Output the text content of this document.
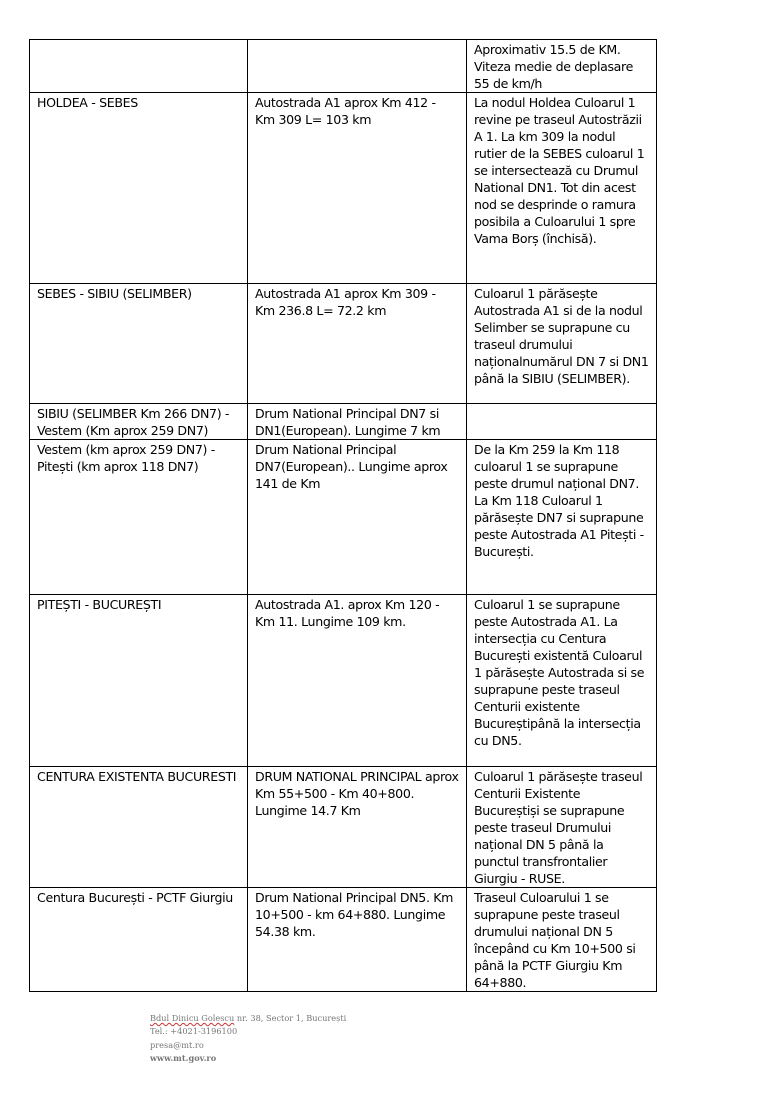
		Aproximativ 15.5 de KM.
Viteza medie de deplasare 55 de km/h
HOLDEA - SEBES	Autostrada A1 aprox Km 412 - Km 309 L= 103 km	La nodul Holdea Culoarul 1 revine pe traseul Autostrăzii A 1. La km 309 la nodul rutier de la SEBES culoarul 1 se intersectează cu Drumul National DN1. Tot din acest nod se desprinde o ramura posibila a Culoarului 1 spre Vama Borș (închisă).
SEBES - SIBIU (SELIMBER)	Autostrada A1 aprox Km 309 - Km 236.8 L= 72.2 km	Culoarul 1 părăsește Autostrada A1 si de la nodul Selimber se suprapune cu traseul drumului naționalnumărul DN 7 si DN1 până la SIBIU (SELIMBER).
SIBIU (SELIMBER Km 266 DN7) - Vestem (Km aprox 259 DN7)	Drum National Principal DN7 si DN1(European). Lungime 7 km	
Vestem (km aprox 259 DN7) - Pitești (km aprox 118 DN7)	Drum National Principal DN7(European).. Lungime aprox 141 de Km	De la Km 259 la Km 118 culoarul 1 se suprapune peste drumul național DN7.
La Km 118 Culoarul 1 părăsește DN7 si suprapune peste Autostrada A1 Pitești - București.
PITEȘTI - BUCUREȘTI	Autostrada A1. aprox Km 120 - Km 11. Lungime 109 km.	Culoarul 1 se suprapune peste Autostrada A1. La intersecția cu Centura București existentă Culoarul 1 părăsește Autostrada si se suprapune peste traseul Centurii existente Bucureștipână la intersecția cu DN5.
CENTURA EXISTENTA BUCURESTI	DRUM NATIONAL PRINCIPAL aprox Km 55+500 - Km 40+800. Lungime 14.7 Km	Culoarul 1 părăsește traseul Centurii Existente Bucureștiși se suprapune peste traseul Drumului național DN 5 până la punctul transfrontalier Giurgiu - RUSE.
Centura București - PCTF Giurgiu	Drum National Principal DN5. Km 10+500 - km 64+880. Lungime 54.38 km.	Traseul Culoarului 1 se suprapune peste traseul drumului național DN 5 începând cu Km 10+500 si până la PCTF Giurgiu Km 64+880.
Bdul Dinicu Golescu nr. 38, Sector 1, București
Tel.: +4021-3196100
presa@mt.ro
www.mt.gov.ro
